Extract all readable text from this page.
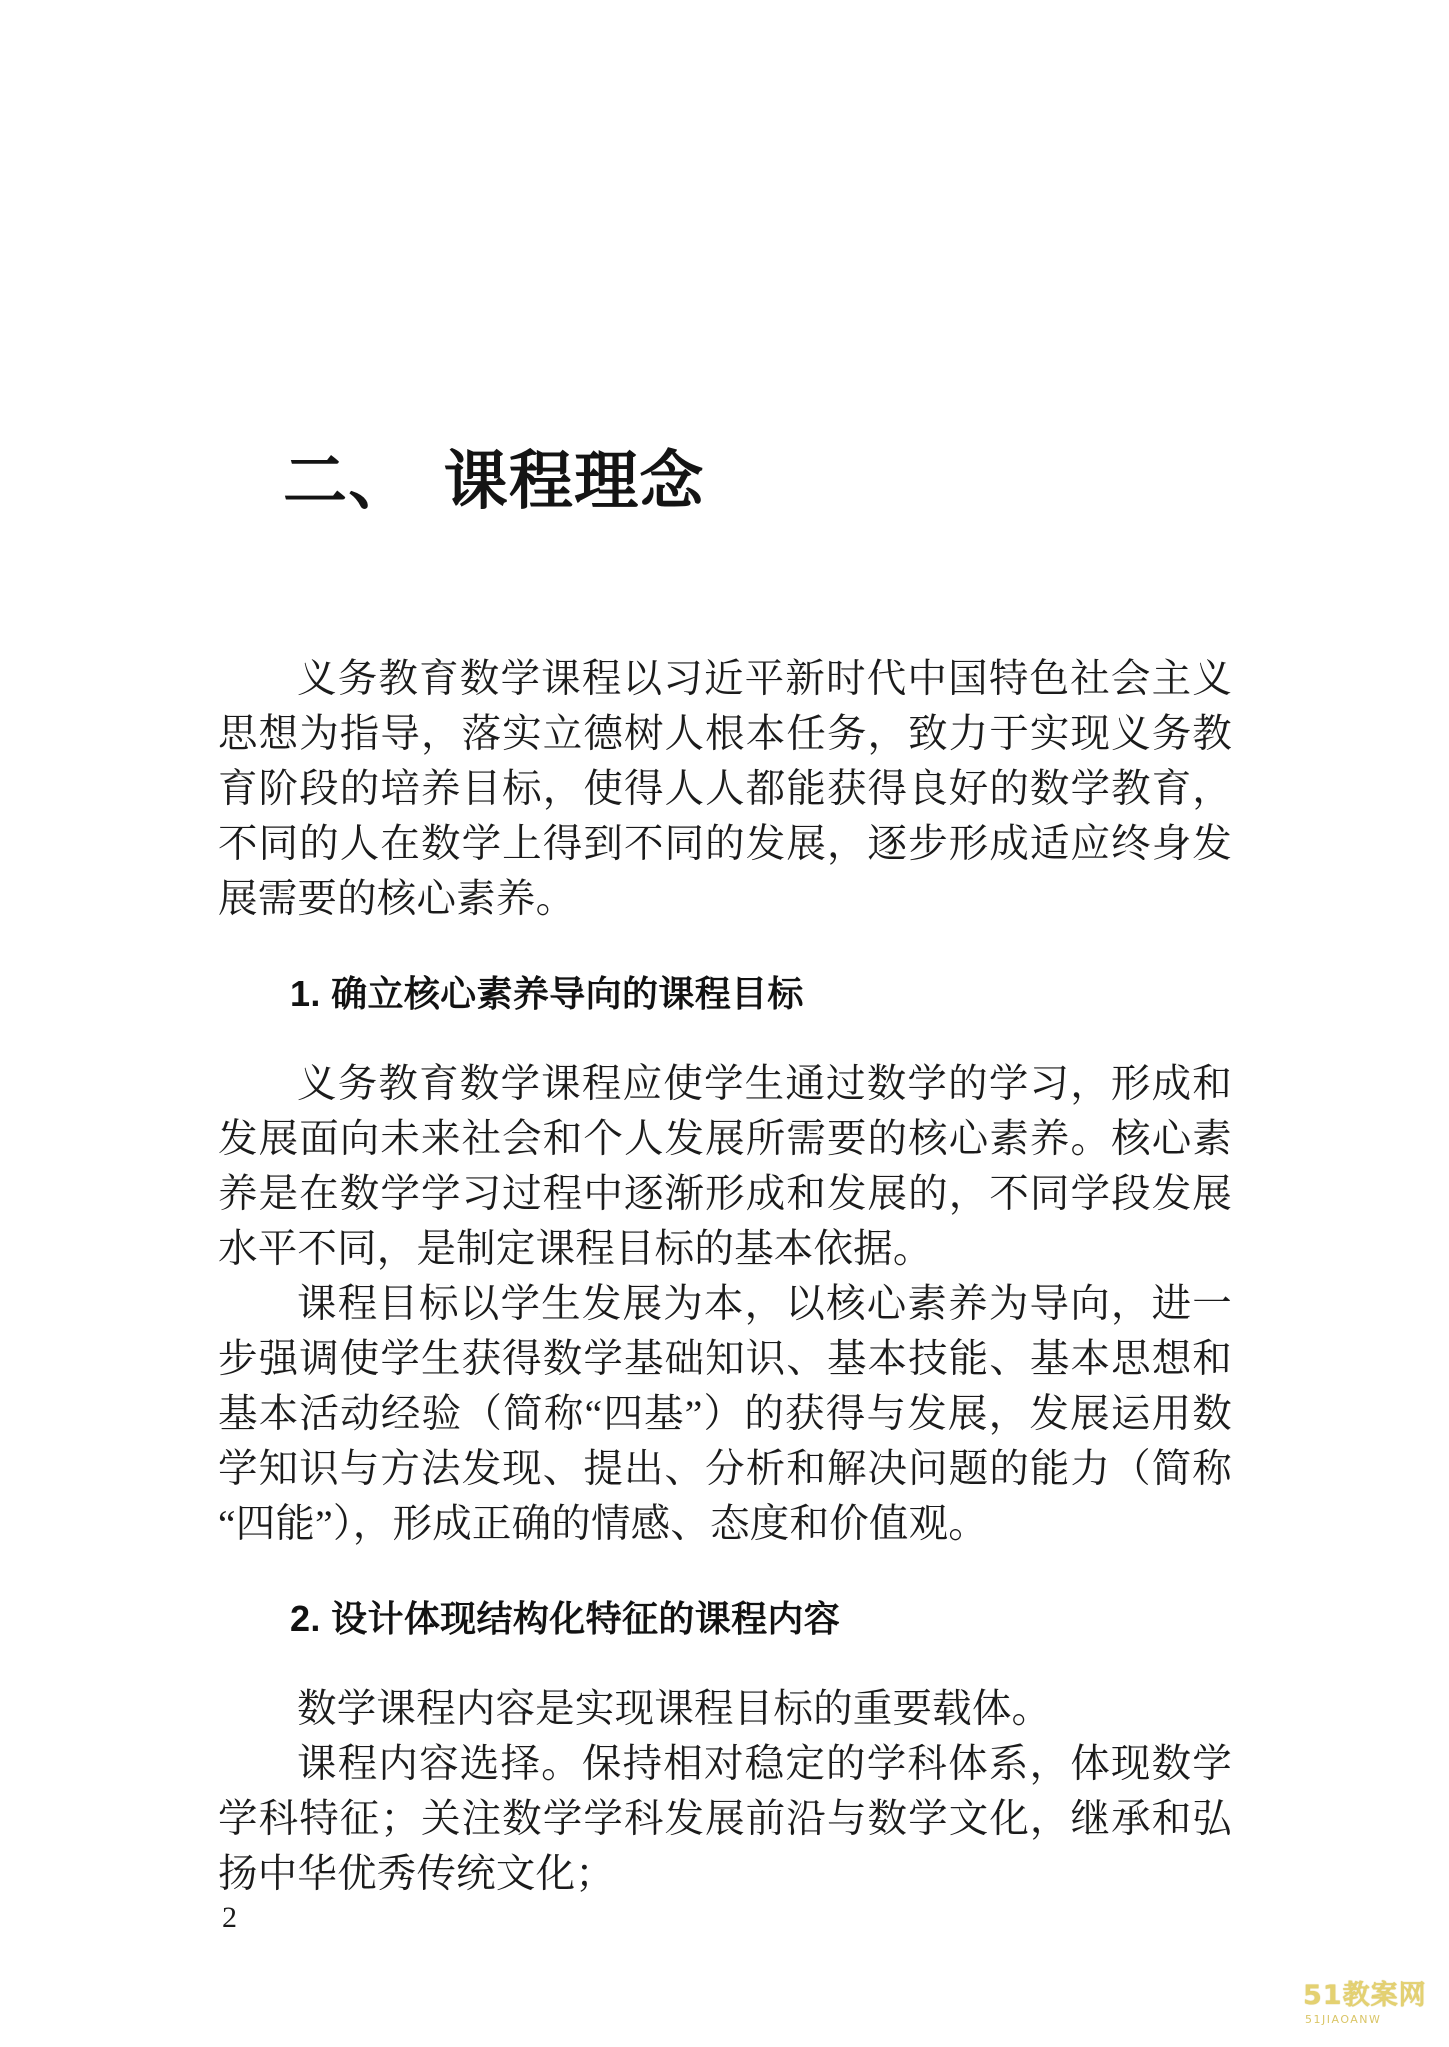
二、 课程理念

义务教育数学课程以习近平新时代中国特色社会主义思想为指导，落实立德树人根本任务，致力于实现义务教育阶段的培养目标，使得人人都能获得良好的数学教育，不同的人在数学上得到不同的发展，逐步形成适应终身发展需要的核心素养。

1. 确立核心素养导向的课程目标

义务教育数学课程应使学生通过数学的学习，形成和发展面向未来社会和个人发展所需要的核心素养。核心素养是在数学学习过程中逐渐形成和发展的，不同学段发展水平不同，是制定课程目标的基本依据。

课程目标以学生发展为本，以核心素养为导向，进一步强调使学生获得数学基础知识、基本技能、基本思想和基本活动经验（简称“四基”）的获得与发展，发展运用数学知识与方法发现、提出、分析和解决问题的能力（简称“四能”），形成正确的情感、态度和价值观。

2. 设计体现结构化特征的课程内容

数学课程内容是实现课程目标的重要载体。

课程内容选择。保持相对稳定的学科体系，体现数学学科特征；关注数学学科发展前沿与数学文化，继承和弘扬中华优秀传统文化；

2
51教案网
51JIAOANW
